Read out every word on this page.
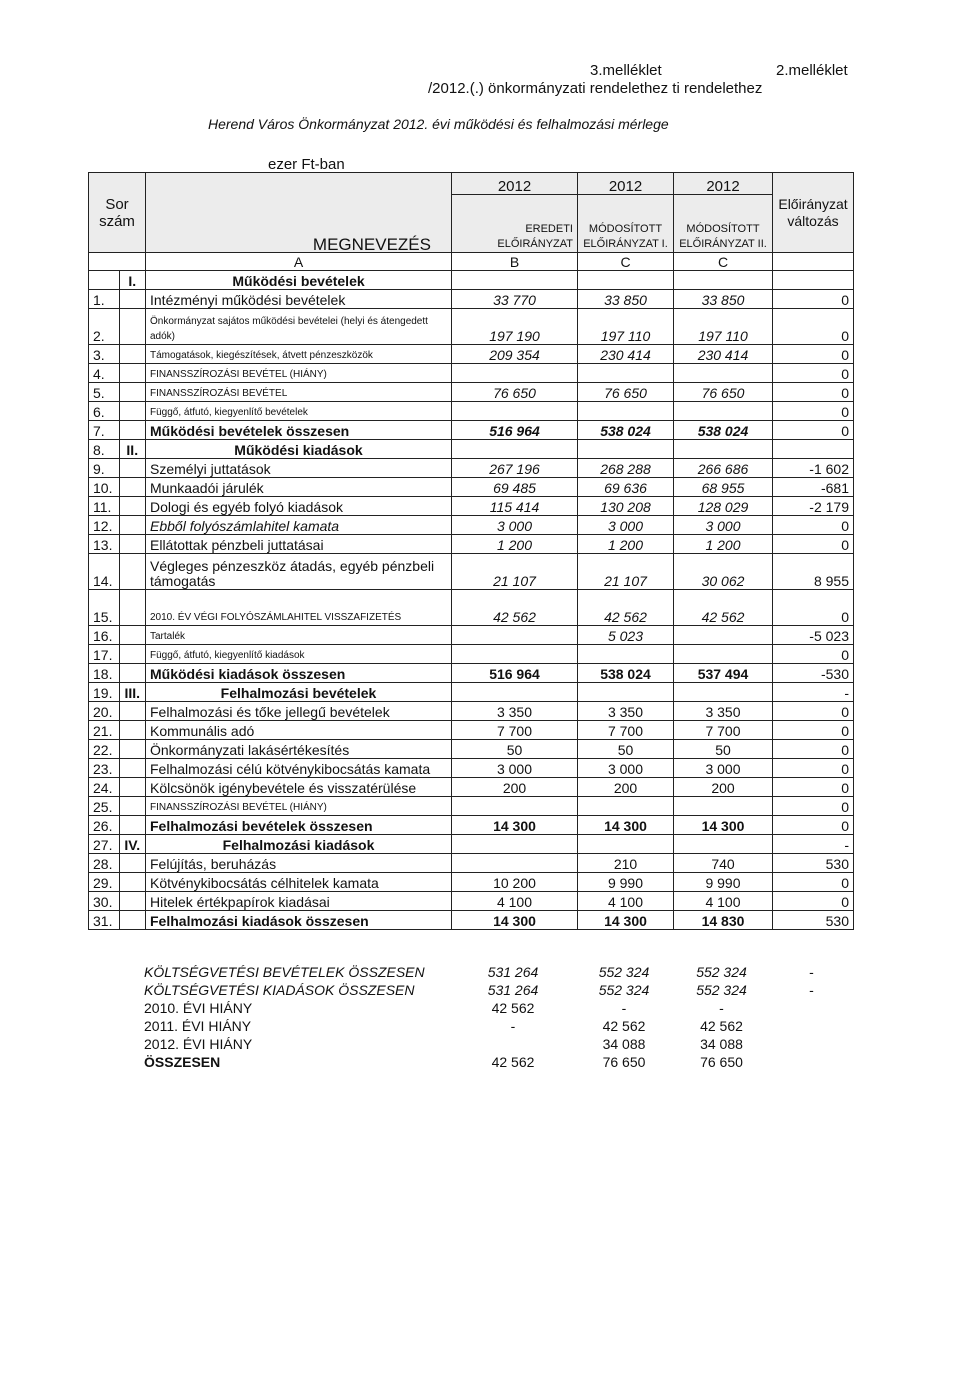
3.melléklet	2.melléklet
/2012.(.) önkormányzati rendelethez ti rendelethez
Herend Város Önkormányzat 2012. évi működési és felhalmozási mérlege
ezer Ft-ban
Sor szám		MEGNEVEZÉS	2012	2012	2012	Előirányzat változás
			EREDETI ELŐIRÁNYZAT	MÓDOSÍTOTT ELŐIRÁNYZAT I.	MÓDOSÍTOTT ELŐIRÁNYZAT II.	

		A	B	C	C	
	I.	Működési bevételek				
1.		Intézményi működési bevételek	33 770	33 850	33 850	0
2.		Önkormányzat sajátos működési bevételei (helyi és átengedett adók)	197 190	197 110	197 110	0
3.		Támogatások, kiegészítések, átvett pénzeszközök	209 354	230 414	230 414	0
4.		FINANSSZÍROZÁSI BEVÉTEL (HIÁNY)				0
5.		FINANSSZÍROZÁSI BEVÉTEL	76 650	76 650	76 650	0
6.		Függő, átfutó, kiegyenlítő bevételek				0
7.		Működési bevételek összesen	516 964	538 024	538 024	0
8.	II.	Működési kiadások				
9.		Személyi juttatások	267 196	268 288	266 686	-1 602
10.		Munkaadói járulék	69 485	69 636	68 955	-681
11.		Dologi és egyéb folyó kiadások	115 414	130 208	128 029	-2 179
12.		Ebből folyószámlahitel kamata	3 000	3 000	3 000	0
13.		Ellátottak pénzbeli juttatásai	1 200	1 200	1 200	0
14.		Végleges pénzeszköz átadás, egyéb pénzbeli támogatás	21 107	21 107	30 062	8 955
15.		2010. ÉV VÉGI FOLYÓSZÁMLAHITEL VISSZAFIZETÉS	42 562	42 562	42 562	0
16.		Tartalék		5 023		-5 023
17.		Függő, átfutó, kiegyenlítő kiadások				0
18.		Működési kiadások összesen	516 964	538 024	537 494	-530
19.	III.	Felhalmozási bevételek				-
20.		Felhalmozási és tőke jellegű bevételek	3 350	3 350	3 350	0
21.		Kommunális adó	7 700	7 700	7 700	0
22.		Önkormányzati lakásértékesítés	50	50	50	0
23.		Felhalmozási célú kötvénykibocsátás kamata	3 000	3 000	3 000	0
24.		Kölcsönök igénybevétele és visszatérülése	200	200	200	0
25.		FINANSSZÍROZÁSI BEVÉTEL (HIÁNY)				0
26.		Felhalmozási bevételek összesen	14 300	14 300	14 300	0
27.	IV.	Felhalmozási kiadások				-
28.		Felújítás, beruházás		210	740	530
29.		Kötvénykibocsátás célhitelek kamata	10 200	9 990	9 990	0
30.		Hitelek értékpapírok kiadásai	4 100	4 100	4 100	0
31.		Felhalmozási kiadások összesen	14 300	14 300	14 830	530
KÖLTSÉGVETÉSI BEVÉTELEK ÖSSZESEN	531 264	552 324	552 324	-
KÖLTSÉGVETÉSI KIADÁSOK ÖSSZESEN	531 264	552 324	552 324	-
2010. ÉVI HIÁNY	42 562	-	-	
2011. ÉVI HIÁNY	-	42 562	42 562	
2012. ÉVI HIÁNY		34 088	34 088	
ÖSSZESEN	42 562	76 650	76 650	
